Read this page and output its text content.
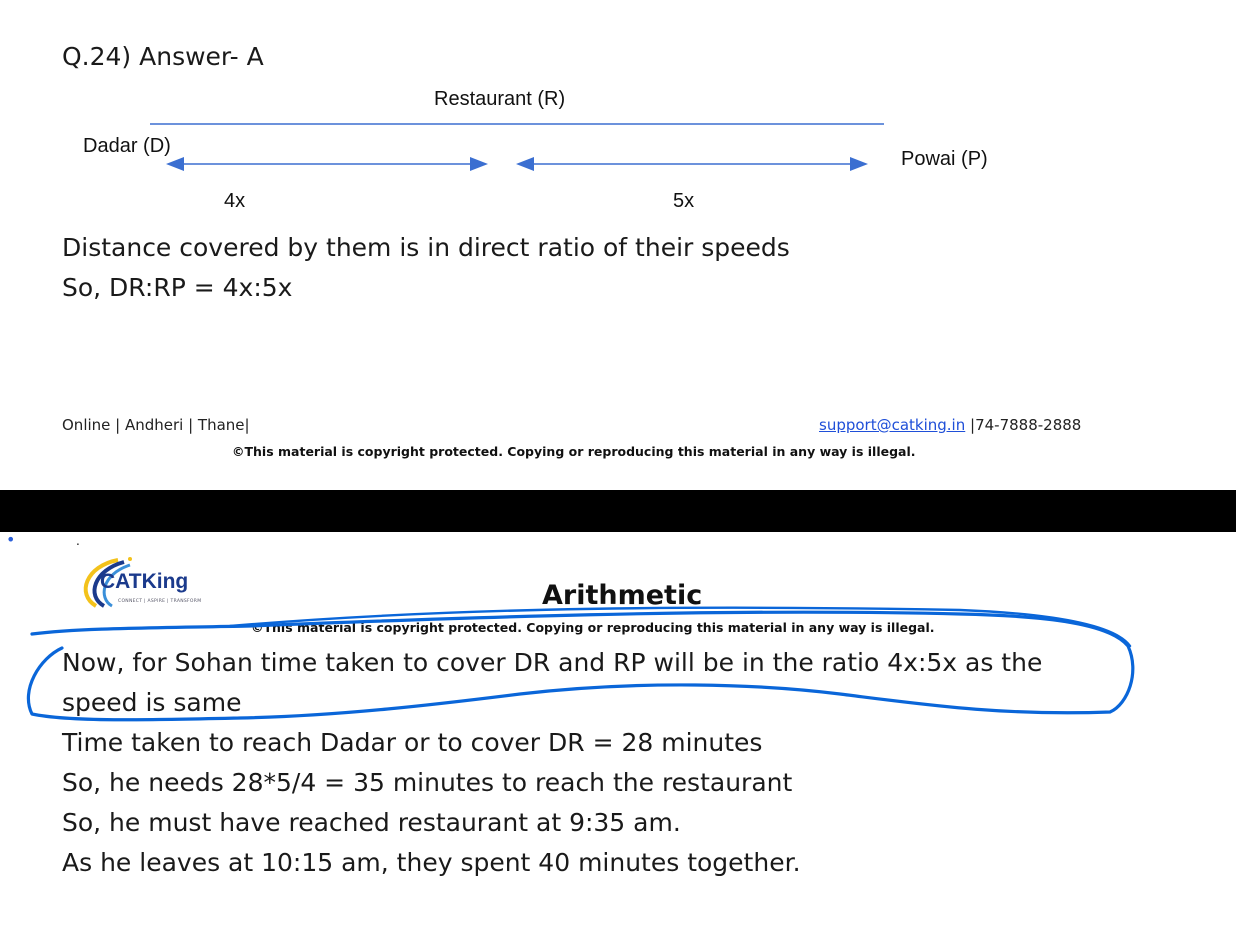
Q.24) Answer- A
Restaurant (R)
Dadar (D)
Powai (P)
4x	5x
Distance covered by them is in direct ratio of their speeds
So, DR:RP = 4x:5x
Online | Andheri | Thane|	support@catking.in |74-7888-2888
©This material is copyright protected. Copying or reproducing this material in any way is illegal.
•	.
CATKing
CONNECT | ASPIRE | TRANSFORM	Arithmetic
©This material is copyright protected. Copying or reproducing this material in any way is illegal.
Now, for Sohan time taken to cover DR and RP will be in the ratio 4x:5x as the
speed is same
Time taken to reach Dadar or to cover DR = 28 minutes
So, he needs 28*5/4 = 35 minutes to reach the restaurant
So, he must have reached restaurant at 9:35 am.
As he leaves at 10:15 am, they spent 40 minutes together.
